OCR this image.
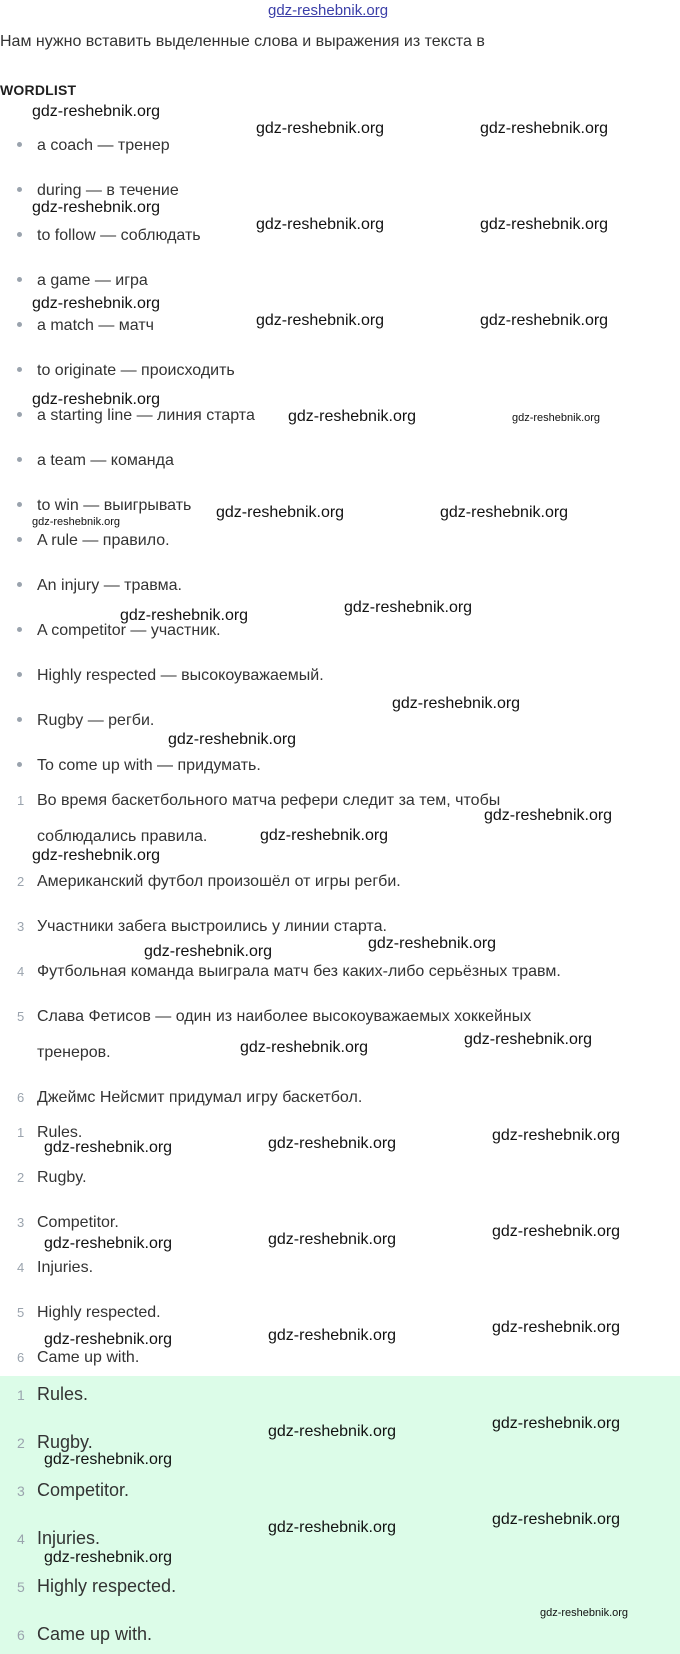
gdz-reshebnik.org
Нам нужно вставить выделенные слова и выражения из текста в
WORDLIST
a coach — тренер
during — в течение
to follow — соблюдать
a game — игра
a match — матч
to originate — происходить
a starting line — линия старта
a team — команда
to win — выигрывать
A rule — правило.
An injury — травма.
A competitor — участник.
Highly respected — высокоуважаемый.
Rugby — регби.
To come up with — придумать.
1 Во время баскетбольного матча рефери следит за тем, чтобы
соблюдались правила.
2 Американский футбол произошёл от игры регби.
3 Участники забега выстроились у линии старта.
4 Футбольная команда выиграла матч без каких-либо серьёзных травм.
5 Слава Фетисов — один из наиболее высокоуважаемых хоккейных
тренеров.
6 Джеймс Нейсмит придумал игру баскетбол.
1 Rules.
2 Rugby.
3 Competitor.
4 Injuries.
5 Highly respected.
6 Came up with.
1 Rules.
2 Rugby.
3 Competitor.
4 Injuries.
5 Highly respected.
6 Came up with.
gdz-reshebnik.org
gdz-reshebnik.org	gdz-reshebnik.org
gdz-reshebnik.org
gdz-reshebnik.org	gdz-reshebnik.org
gdz-reshebnik.org
gdz-reshebnik.org	gdz-reshebnik.org
gdz-reshebnik.org
gdz-reshebnik.org	gdz-reshebnik.org
gdz-reshebnik.org	gdz-reshebnik.org
gdz-reshebnik.org
gdz-reshebnik.org
gdz-reshebnik.org
gdz-reshebnik.org
gdz-reshebnik.org
gdz-reshebnik.org
gdz-reshebnik.org
gdz-reshebnik.org
gdz-reshebnik.org
gdz-reshebnik.org
gdz-reshebnik.org
gdz-reshebnik.org
gdz-reshebnik.org
gdz-reshebnik.org
gdz-reshebnik.org
gdz-reshebnik.org
gdz-reshebnik.org
gdz-reshebnik.org
gdz-reshebnik.org
gdz-reshebnik.org
gdz-reshebnik.org
gdz-reshebnik.org
gdz-reshebnik.org
gdz-reshebnik.org
gdz-reshebnik.org
gdz-reshebnik.org
gdz-reshebnik.org
gdz-reshebnik.org
